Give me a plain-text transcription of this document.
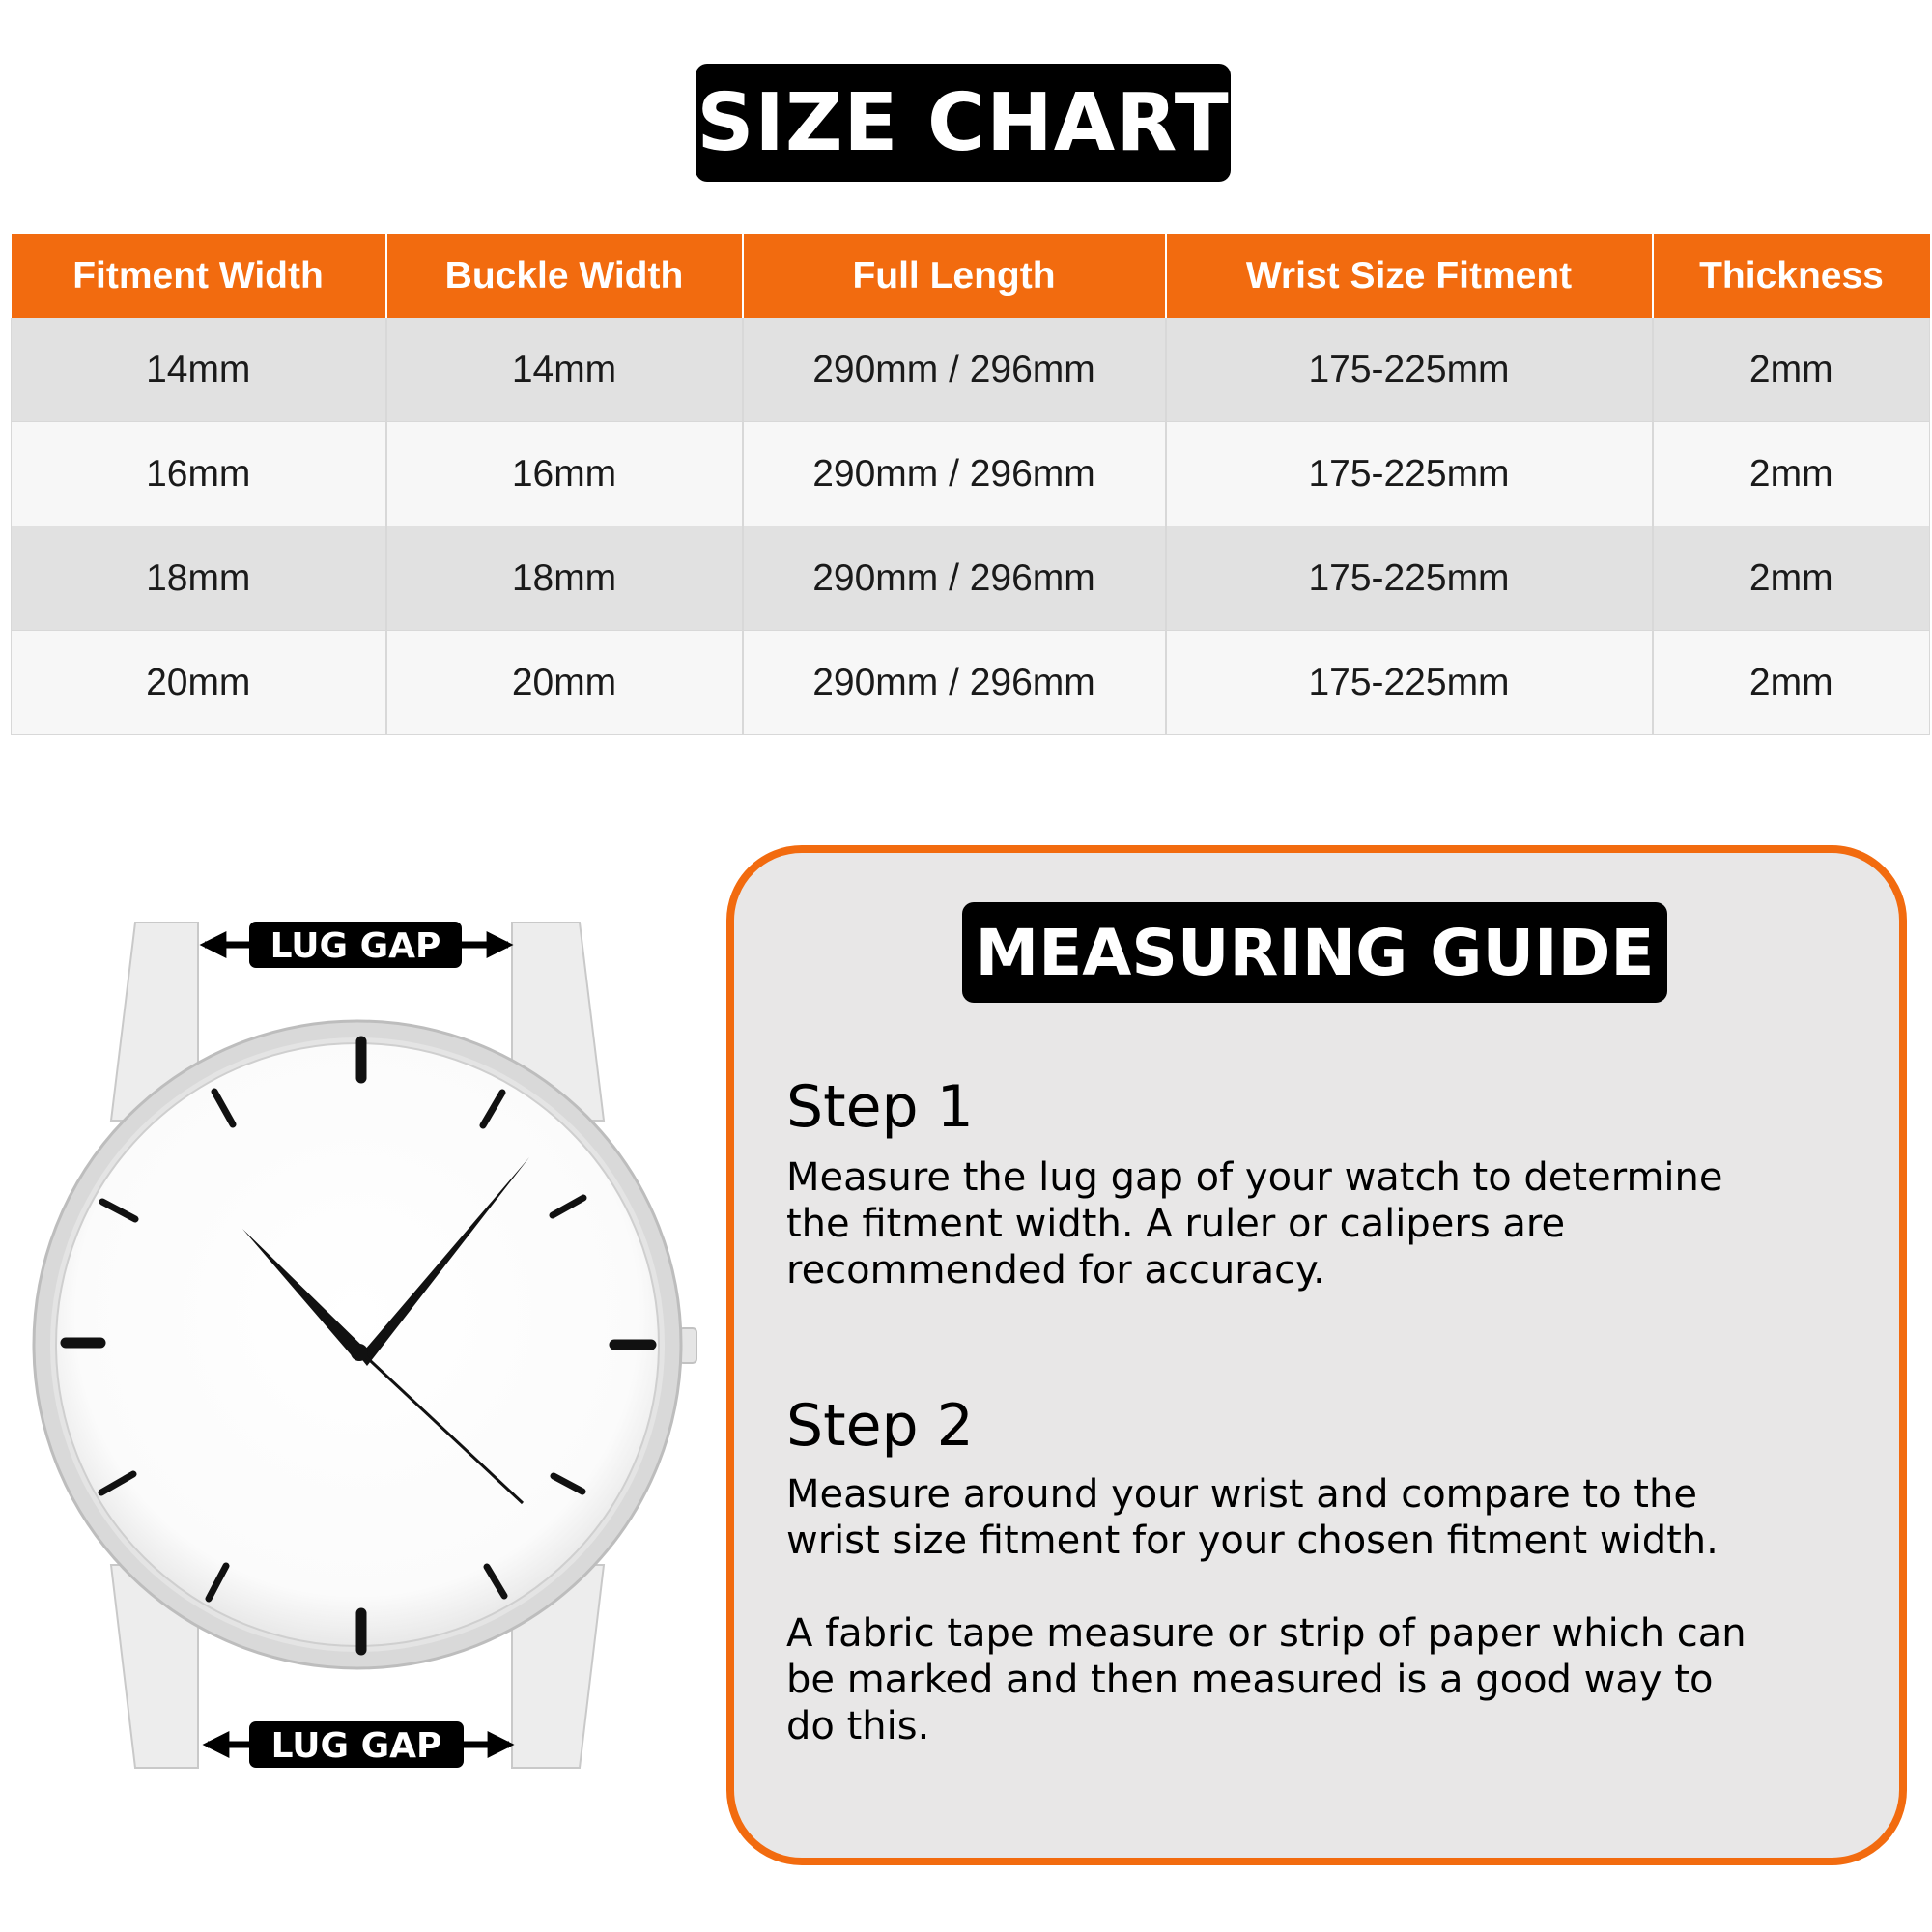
SIZE CHART
Fitment Width	Buckle Width	Full Length	Wrist Size Fitment	Thickness
14mm	14mm	290mm / 296mm	175-225mm	2mm
16mm	16mm	290mm / 296mm	175-225mm	2mm
18mm	18mm	290mm / 296mm	175-225mm	2mm
20mm	20mm	290mm / 296mm	175-225mm	2mm
LUG GAP
LUG GAP
MEASURING GUIDE
Step 1

Measure the lug gap of your watch to determine
the fitment width. A ruler or calipers are
recommended for accuracy.

Step 2

Measure around your wrist and compare to the
wrist size fitment for your chosen fitment width.

A fabric tape measure or strip of paper which can
be marked and then measured is a good way to
do this.
